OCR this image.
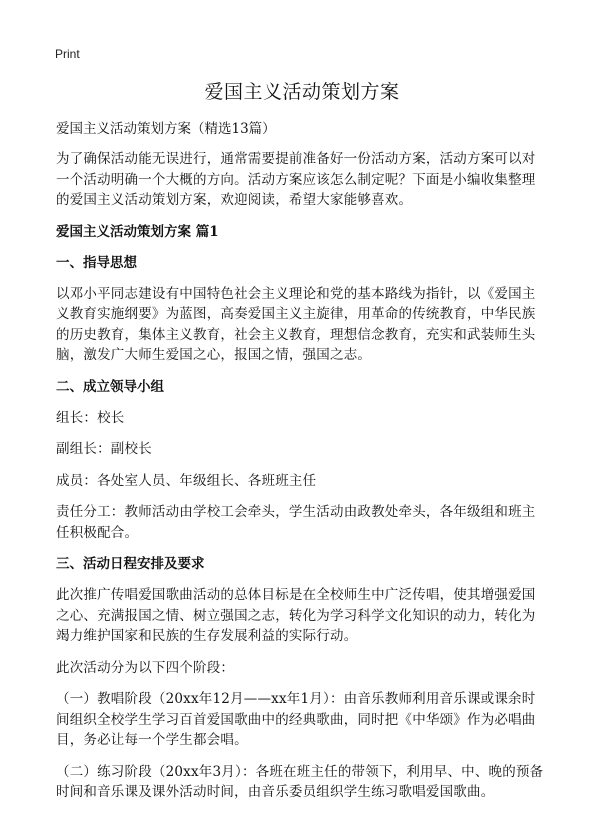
Print
爱国主义活动策划方案

爱国主义活动策划方案（精选13篇）

为了确保活动能无误进行，通常需要提前准备好一份活动方案，活动方案可以对一个活动明确一个大概的方向。活动方案应该怎么制定呢？下面是小编收集整理的爱国主义活动策划方案，欢迎阅读，希望大家能够喜欢。

爱国主义活动策划方案 篇1

一、指导思想

以邓小平同志建设有中国特色社会主义理论和党的基本路线为指针，以《爱国主义教育实施纲要》为蓝图，高奏爱国主义主旋律，用革命的传统教育，中华民族的历史教育，集体主义教育，社会主义教育，理想信念教育，充实和武装师生头脑，激发广大师生爱国之心，报国之情，强国之志。

二、成立领导小组

组长：校长

副组长：副校长

成员：各处室人员、年级组长、各班班主任

责任分工：教师活动由学校工会牵头，学生活动由政教处牵头，各年级组和班主任积极配合。

三、活动日程安排及要求

此次推广传唱爱国歌曲活动的总体目标是在全校师生中广泛传唱，使其增强爱国之心、充满报国之情、树立强国之志，转化为学习科学文化知识的动力，转化为竭力维护国家和民族的生存发展利益的实际行动。

此次活动分为以下四个阶段：

（一）教唱阶段（20xx年12月——xx年1月）：由音乐教师利用音乐课或课余时间组织全校学生学习百首爱国歌曲中的经典歌曲，同时把《中华颂》作为必唱曲目，务必让每一个学生都会唱。

（二）练习阶段（20xx年3月）：各班在班主任的带领下，利用早、中、晚的预备时间和音乐课及课外活动时间，由音乐委员组织学生练习歌唱爱国歌曲。
